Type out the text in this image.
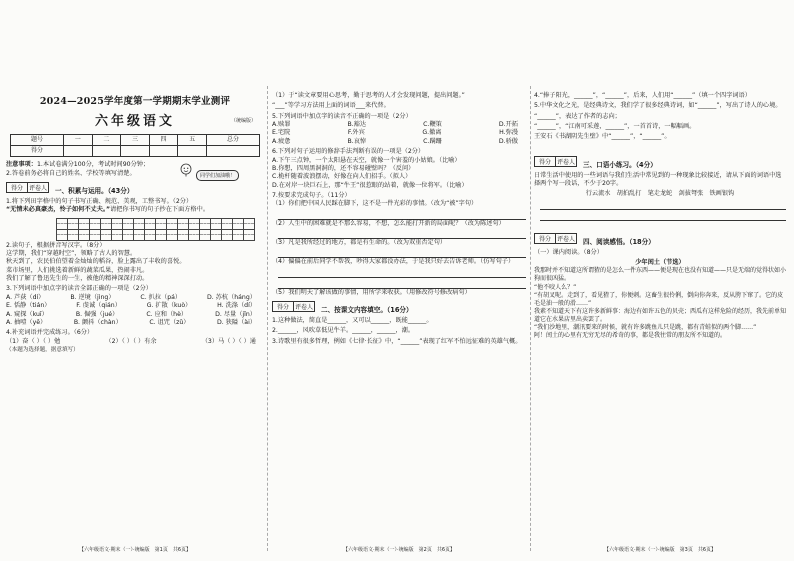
2024—2025学年度第一学期期末学业测评
六年级语文	（统编版）
题号	一	二	三	四	五	总分
得分						
注意事项：1.本试卷满分100分，考试时间90分钟；
2.答卷前务必将自己的姓名、学校等填写清楚。
得分 评卷人 一、积累与运用。（43分）
1.将下列田字格中的句子书写正确、规范、美观，工整书写。（2分）
“无情未必真豪杰，怜子如何不丈夫。”请把你书写的句子抄在下面方格中。
2.读句子，根据拼音写汉字。（8分）
这学期，我们“穿越时空”，领略了古人的智慧。
秋天到了，农民伯伯望着金灿灿的稻谷，脸上露出了丰收的喜悦。
菜市场里，人们挑选着新鲜的蔬菜瓜果，热闹非凡。
我们了解了鲁迅先生的一生，被他的精神深深打动。
3.下列词语中加点字的读音全部正确的一项是（2分）
A. 芦荻（dí）	B. 逆境（jìng）	C. 扒拉（pá）	D. 苏杭（háng）
E. 恬静（tián）	F. 虔诚（qián）	G. 扩散（kuò）	H. 洗涤（dí）
A. 窥探（kuī）	B. 倔强（jué）	C. 应和（hè）	D. 尽量（jǐn）
A. 抽噎（yē）	B. 颤抖（chàn）	C. 诅咒（zǔ）	D. 狭隘（ài）
4.补充词语并完成练习。（6分）
（1）奋（ ）（ ）勉	（2）（ ）（ ）有余	（3）马（ ）（ ）通
（本题为选择题，据意填写）
同学们加油哦！
（1）于“读文章要用心思考，勤于思考的人才会发现问题，提出问题。”
“___”等学习方法用上面的词语___来代替。
5.下列词语中加点字的读音不正确的一项是（2分）
A.赎罪	B.豁达	C.鞭策	D.开拓
E.宅院	F.外宾	G.撤离	H.弥漫
A.疲惫	B.哀悼	C.蹒跚	D.骄傲
6.下列对句子运用的修辞手法判断有误的一项是（2分）
A.下午三点钟，一个太阳悬在天空，就像一个害羞的小姑娘。（比喻）
B.你想，四周黑洞洞的，还不容易碰壁吗？（反问）
C.桅杆随着波浪摆动，好像在向人们招手。（拟人）
D.在对岸一块巨石上，那“牛王”很惹眼的站着，就像一位将军。（比喻）
7.按要求完成句子。（11分）
（1）你们把中国人民踩在脚下，这不是一件光彩的事情。（改为“被”字句）
（2）人生中的困难就是不那么容易，不想，怎么能打开新的局面呢？（改为陈述句）
（3）凡是我所经过的地方，都是有生命的。（改为双重否定句）
（4）偏偏在前后同学不帮我，吵得大家都没办法，于是我只好去告诉老师。（仿写句子）
（5）我们明天了解该做的事情，用所学来收获。（用修改符号修改病句）
得分 评卷人 二、按课文内容填空。（16分）
1.这种做法，简直是______，又可以______，既能______。
2.______，风吹草低见牛羊。______，______，潮。
3.诗歌里有很多哲理，例如《七律·长征》中，“______”表现了红军不怕远征难的英雄气概。
4.“捧子阳光，______”，“______”，后来，人们用“______”（填一个四字词语）
5.中华文化之光，是经典诗文，我们学了很多经典诗词，如“______”，写出了诗人的心境。
“______”，表达了作者的志向；
“______”，“江南可采莲，______”，一首首诗，一幅幅画。
王安石《书湖阴先生壁》中“______”，“______”。
得分 评卷人 三、口语小练习。（4分）
日常生活中使用的一些词语与我们生活中常见到的一种现象比较接近，请从下面的词语中选择两个写一段话，不少于20字。
行云流水　胡拍乱打　笔走龙蛇　剑拔弩张　铁画银钩
得分 评卷人 四、阅读感悟。（18分）
（一）课内阅读。（8分）
少年闰土（节选）
我那时并不知道这所谓猹的是怎么一件东西——便是现在也没有知道——只是无端的觉得状如小狗而很凶猛。
“他不咬人么？”
“有胡叉呢。走到了，看见猹了，你便刺。这畜生很伶俐，倒向你奔来，反从胯下窜了。它的皮毛是油一般的滑……”
我素不知道天下有这许多新鲜事：海边有如许五色的贝壳；西瓜有这样危险的经历，我先前单知道它在水果店里出卖罢了。
“我们沙地里，潮汛要来的时候，就有许多跳鱼儿只是跳，都有青蛙似的两个脚……”
阿！闰土的心里有无穷无尽的希奇的事，都是我往常的朋友所不知道的。
【六年级语文·期末（一）·统编版　第1页　共6页】	【六年级语文·期末（一）·统编版　第2页　共6页】	【六年级语文·期末（一）·统编版　第3页　共6页】
